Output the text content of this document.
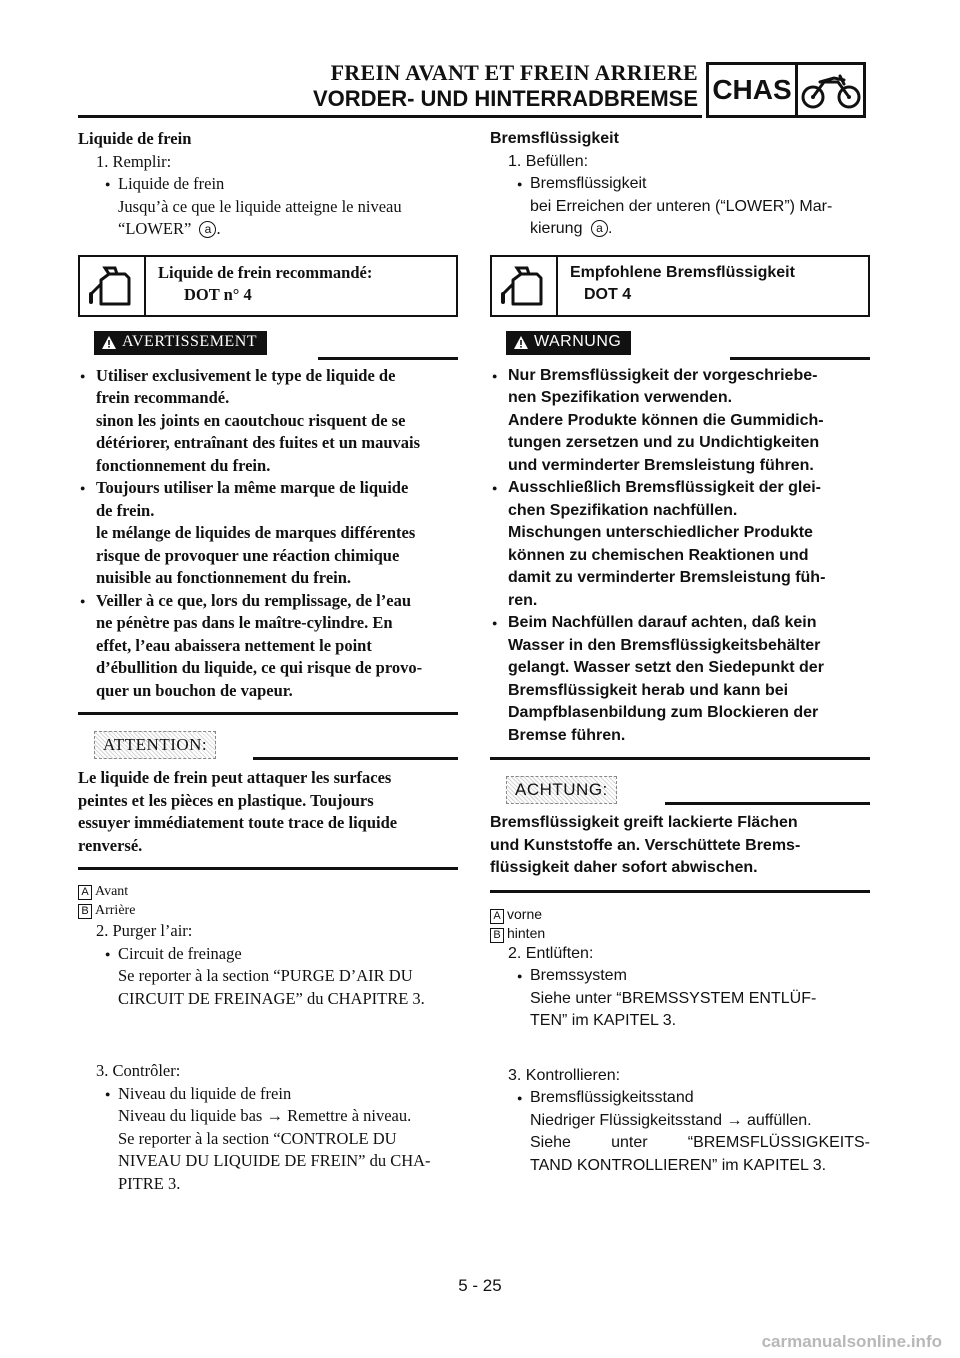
FREIN AVANT ET FREIN ARRIERE
VORDER- UND HINTERRADBREMSE CHAS

Liquide de frein

1. Remplir:

● Liquide de frein

Jusqu’à ce que le liquide atteigne le niveau

“LOWER” a .

Liquide de frein recommandé:

DOT n° 4

AVERTISSEMENT

● Utiliser exclusivement le type de liquide de

frein recommandé.

sinon les joints en caoutchouc risquent de se

détériorer, entraînant des fuites et un mauvais

fonctionnement du frein.

● Toujours utiliser la même marque de liquide

de frein.

le mélange de liquides de marques différentes

risque de provoquer une réaction chimique

nuisible au fonctionnement du frein.

● Veiller à ce que, lors du remplissage, de l’eau

ne pénètre pas dans le maître-cylindre. En

effet, l’eau abaissera nettement le point

d’ébullition du liquide, ce qui risque de provo-

quer un bouchon de vapeur.

ATTENTION:

Le liquide de frein peut attaquer les surfaces

peintes et les pièces en plastique. Toujours

essuyer immédiatement toute trace de liquide

renversé.

A Avant

B Arrière

2. Purger l’air:

● Circuit de freinage

Se reporter à la section “PURGE D’AIR DU

CIRCUIT DE FREINAGE” du CHAPITRE 3.

3. Contrôler:

● Niveau du liquide de frein

Niveau du liquide bas → Remettre à niveau.

Se reporter à la section “CONTROLE DU

NIVEAU DU LIQUIDE DE FREIN” du CHA-

PITRE 3.

Bremsflüssigkeit

1. Befüllen:

● Bremsflüssigkeit

bei Erreichen der unteren (“LOWER”) Mar-

kierung a .

Empfohlene Bremsflüssigkeit

DOT 4

WARNUNG

● Nur Bremsflüssigkeit der vorgeschriebe-

nen Spezifikation verwenden.

Andere Produkte können die Gummidich-

tungen zersetzen und zu Undichtigkeiten

und verminderter Bremsleistung führen.

● Ausschließlich Bremsflüssigkeit der glei-

chen Spezifikation nachfüllen.

Mischungen unterschiedlicher Produkte

können zu chemischen Reaktionen und

damit zu verminderter Bremsleistung füh-

ren.

● Beim Nachfüllen darauf achten, daß kein

Wasser in den Bremsflüssigkeitsbehälter

gelangt. Wasser setzt den Siedepunkt der

Bremsflüssigkeit herab und kann bei

Dampfblasenbildung zum Blockieren der

Bremse führen.

ACHTUNG:

Bremsflüssigkeit greift lackierte Flächen

und Kunststoffe an. Verschüttete Brems-

flüssigkeit daher sofort abwischen.

A vorne

B hinten

2. Entlüften:

● Bremssystem

Siehe unter “BREMSSYSTEM ENTLÜF-

TEN” im KAPITEL 3.

3. Kontrollieren:

● Bremsflüssigkeitsstand

Niedriger Flüssigkeitsstand → auffüllen.

Siehe unter “BREMSFLÜSSIGKEITS-

TAND KONTROLLIEREN” im KAPITEL 3.

5 - 25
carmanualsonline.info
